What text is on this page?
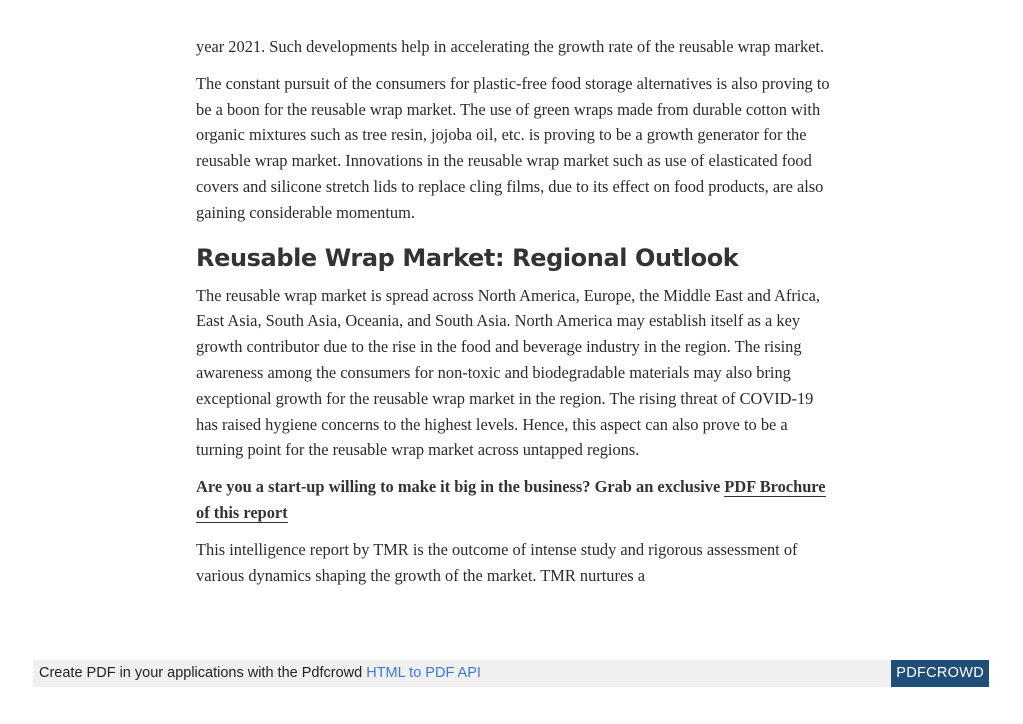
year 2021. Such developments help in accelerating the growth rate of the reusable wrap market.

The constant pursuit of the consumers for plastic-free food storage alternatives is also proving to be a boon for the reusable wrap market. The use of green wraps made from durable cotton with organic mixtures such as tree resin, jojoba oil, etc. is proving to be a growth generator for the reusable wrap market. Innovations in the reusable wrap market such as use of elasticated food covers and silicone stretch lids to replace cling films, due to its effect on food products, are also gaining considerable momentum.

Reusable Wrap Market: Regional Outlook

The reusable wrap market is spread across North America, Europe, the Middle East and Africa, East Asia, South Asia, Oceania, and South Asia. North America may establish itself as a key growth contributor due to the rise in the food and beverage industry in the region. The rising awareness among the consumers for non-toxic and biodegradable materials may also bring exceptional growth for the reusable wrap market in the region. The rising threat of COVID-19 has raised hygiene concerns to the highest levels. Hence, this aspect can also prove to be a turning point for the reusable wrap market across untapped regions.

Are you a start-up willing to make it big in the business? Grab an exclusive PDF Brochure of this report

This intelligence report by TMR is the outcome of intense study and rigorous assessment of various dynamics shaping the growth of the market. TMR nurtures a

Create PDF in your applications with the Pdfcrowd HTML to PDF API	PDFCROWD
